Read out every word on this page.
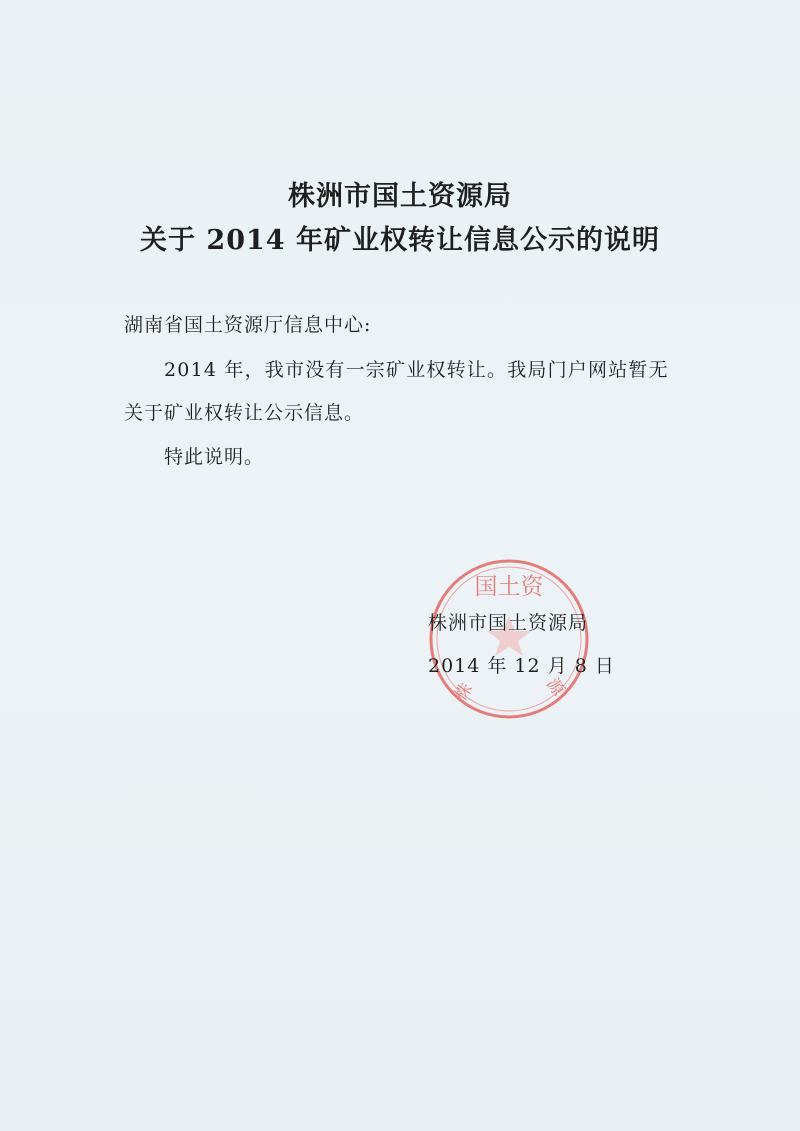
株洲市国土资源局
关于 2014 年矿业权转让信息公示的说明
湖南省国土资源厅信息中心:
2014 年，我市没有一宗矿业权转让。我局门户网站暂无
关于矿业权转让公示信息。
特此说明。
国土资
株	源
株洲市国土资源局
2014 年 12 月 8 日
